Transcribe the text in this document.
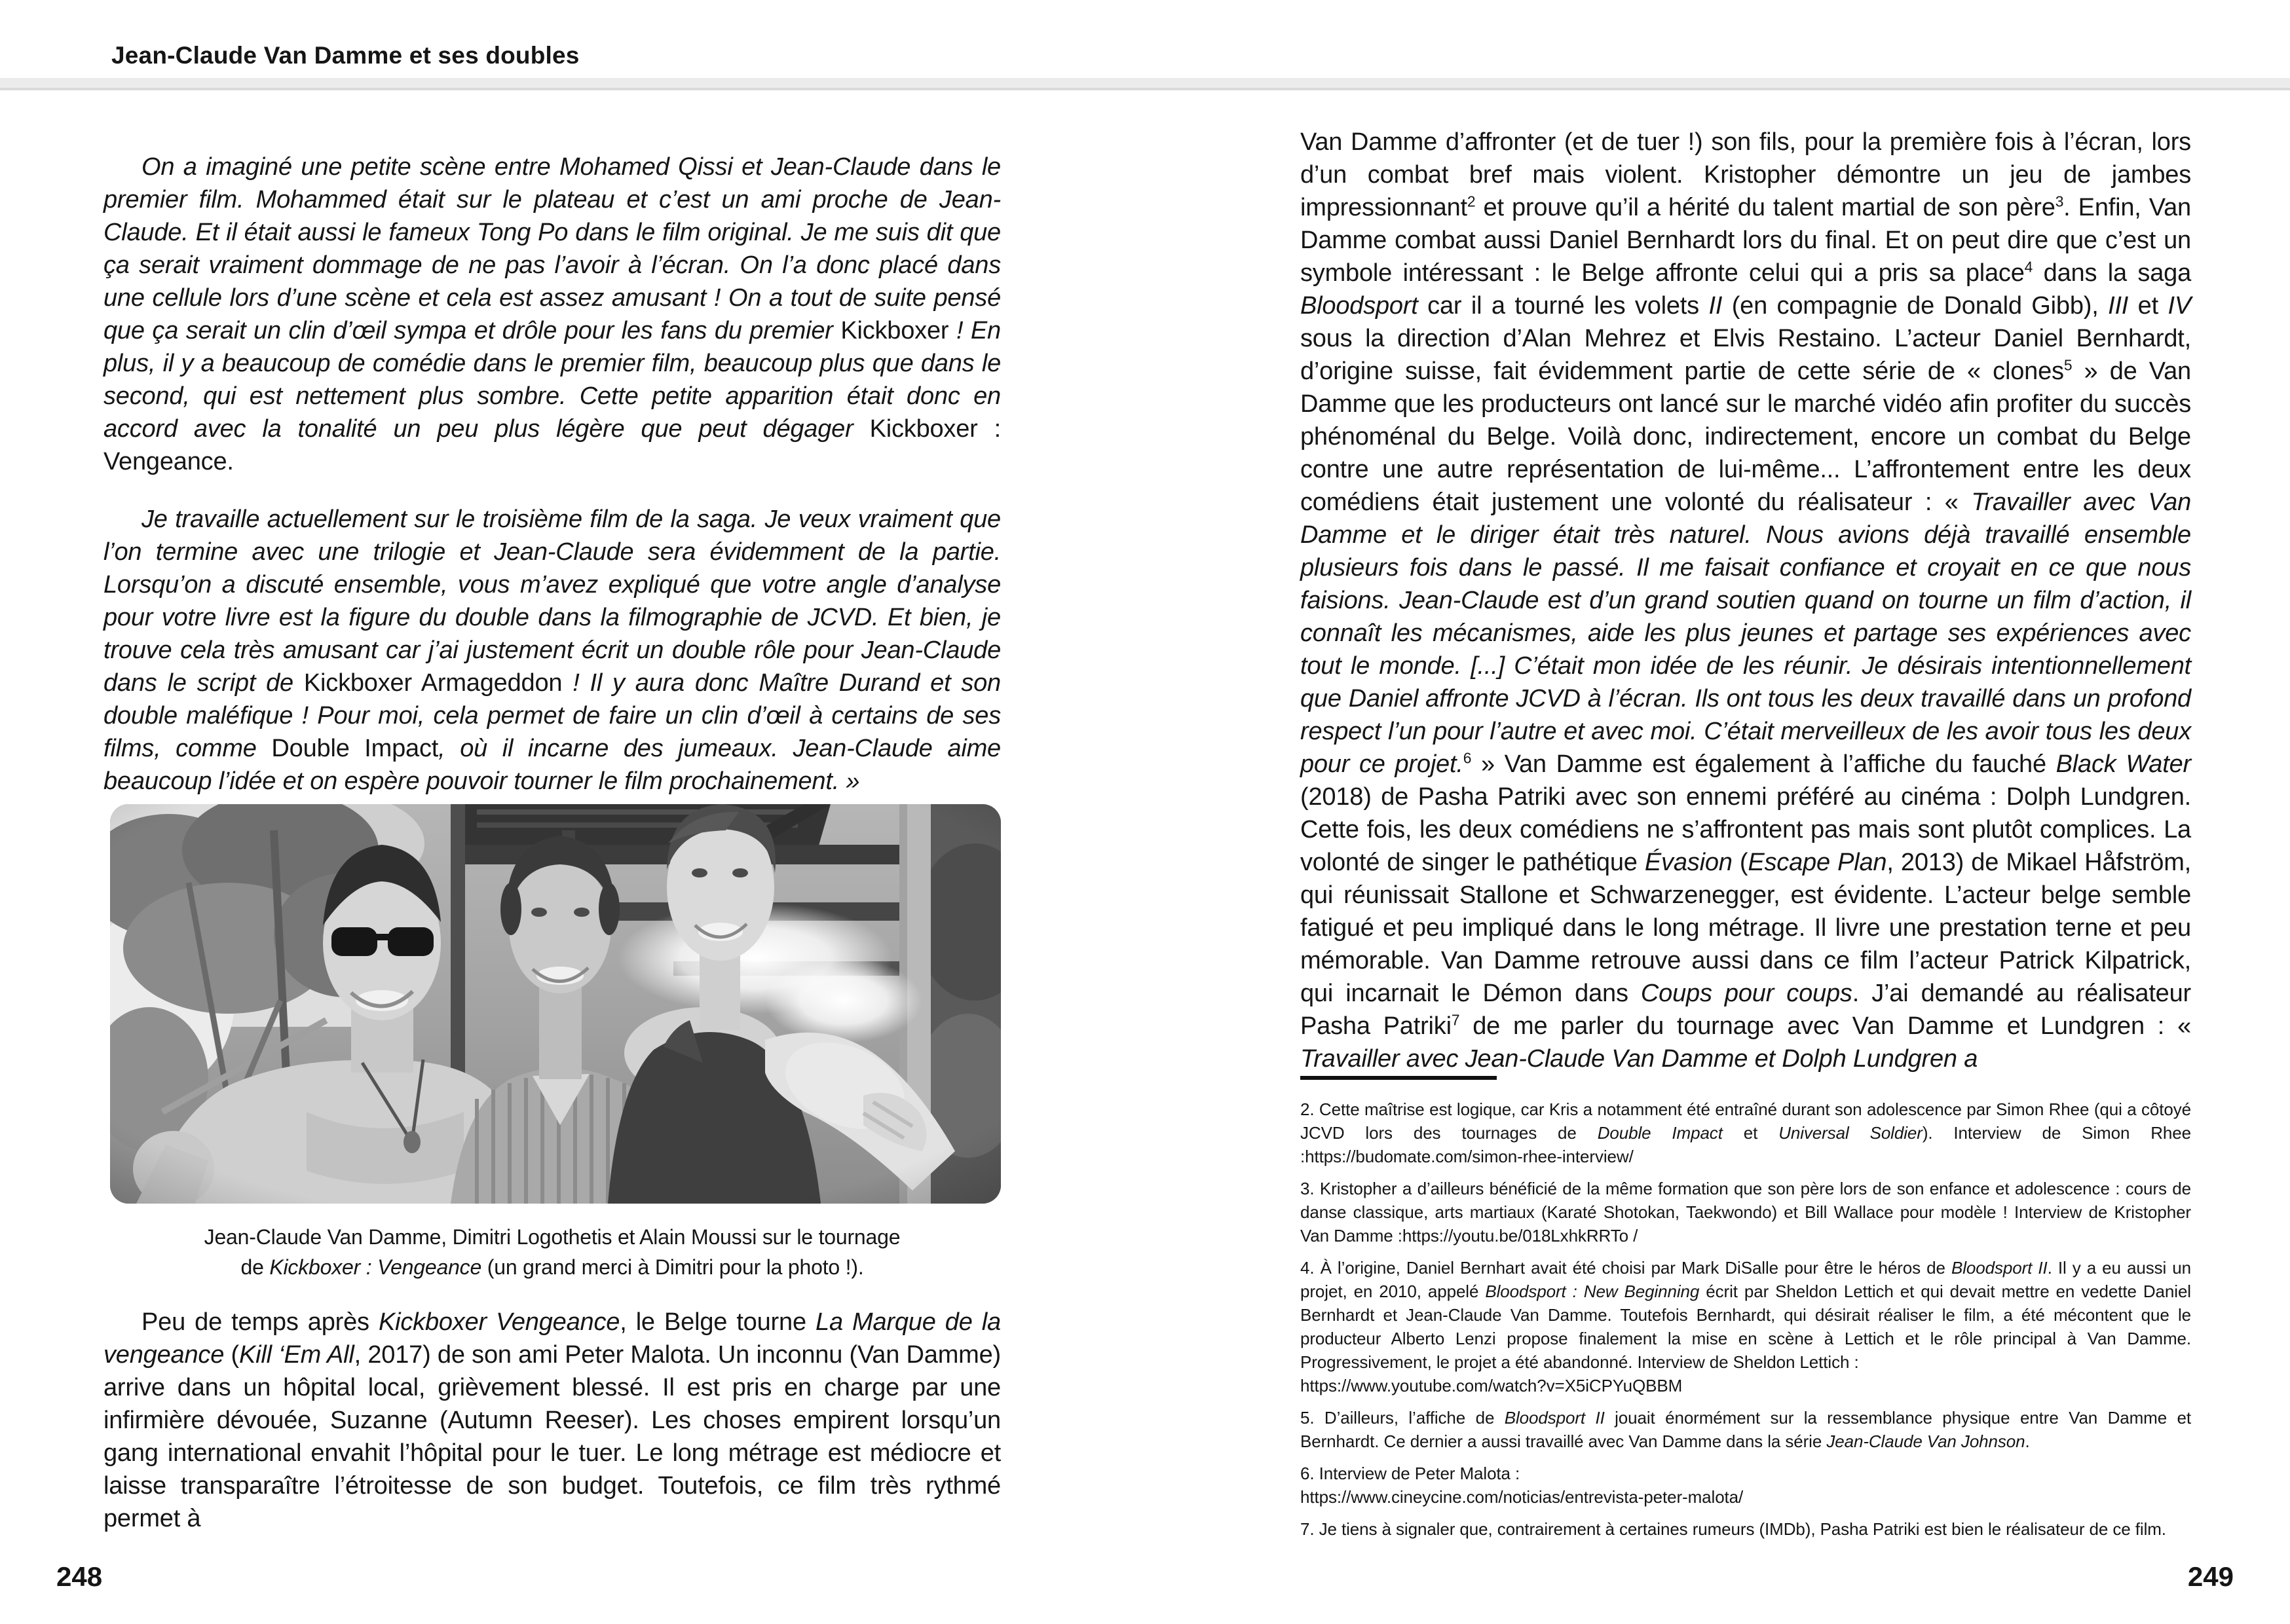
Jean-Claude Van Damme et ses doubles

On a imaginé une petite scène entre Mohamed Qissi et Jean-Claude dans le premier film. Mohammed était sur le plateau et c’est un ami proche de Jean-Claude. Et il était aussi le fameux Tong Po dans le film original. Je me suis dit que ça serait vraiment dommage de ne pas l’avoir à l’écran. On l’a donc placé dans une cellule lors d’une scène et cela est assez amusant ! On a tout de suite pensé que ça serait un clin d’œil sympa et drôle pour les fans du premier Kickboxer ! En plus, il y a beaucoup de comédie dans le premier film, beaucoup plus que dans le second, qui est nettement plus sombre. Cette petite apparition était donc en accord avec la tonalité un peu plus légère que peut dégager Kickboxer : Vengeance.

Je travaille actuellement sur le troisième film de la saga. Je veux vraiment que l’on termine avec une trilogie et Jean-Claude sera évidemment de la partie. Lorsqu’on a discuté ensemble, vous m’avez expliqué que votre angle d’analyse pour votre livre est la figure du double dans la filmographie de JCVD. Et bien, je trouve cela très amusant car j’ai justement écrit un double rôle pour Jean-Claude dans le script de Kickboxer Armageddon ! Il y aura donc Maître Durand et son double maléfique ! Pour moi, cela permet de faire un clin d’œil à certains de ses films, comme Double Impact, où il incarne des jumeaux. Jean-Claude aime beaucoup l’idée et on espère pouvoir tourner le film prochainement. »

Jean-Claude Van Damme, Dimitri Logothetis et Alain Moussi sur le tournage
de Kickboxer : Vengeance (un grand merci à Dimitri pour la photo !).

Peu de temps après Kickboxer Vengeance, le Belge tourne La Marque de la vengeance (Kill ‘Em All, 2017) de son ami Peter Malota. Un inconnu (Van Damme) arrive dans un hôpital local, grièvement blessé. Il est pris en charge par une infirmière dévouée, Suzanne (Autumn Reeser). Les choses empirent lorsqu’un gang international envahit l’hôpital pour le tuer. Le long métrage est médiocre et laisse transparaître l’étroitesse de son budget. Toutefois, ce film très rythmé permet à

248

Van Damme d’affronter (et de tuer !) son fils, pour la première fois à l’écran, lors d’un combat bref mais violent. Kristopher démontre un jeu de jambes impressionnant$^2$ et prouve qu’il a hérité du talent martial de son père$^3$. Enfin, Van Damme combat aussi Daniel Bernhardt lors du final. Et on peut dire que c’est un symbole intéressant : le Belge affronte celui qui a pris sa place$^4$ dans la saga Bloodsport car il a tourné les volets II (en compagnie de Donald Gibb), III et IV sous la direction d’Alan Mehrez et Elvis Restaino. L’acteur Daniel Bernhardt, d’origine suisse, fait évidemment partie de cette série de « clones$^5$ » de Van Damme que les producteurs ont lancé sur le marché vidéo afin profiter du succès phénoménal du Belge. Voilà donc, indirectement, encore un combat du Belge contre une autre représentation de lui-même... L’affrontement entre les deux comédiens était justement une volonté du réalisateur : « Travailler avec Van Damme et le diriger était très naturel. Nous avions déjà travaillé ensemble plusieurs fois dans le passé. Il me faisait confiance et croyait en ce que nous faisions. Jean-Claude est d’un grand soutien quand on tourne un film d’action, il connaît les mécanismes, aide les plus jeunes et partage ses expériences avec tout le monde. [...] C’était mon idée de les réunir. Je désirais intentionnellement que Daniel affronte JCVD à l’écran. Ils ont tous les deux travaillé dans un profond respect l’un pour l’autre et avec moi. C’était merveilleux de les avoir tous les deux pour ce projet.$^6$ » Van Damme est également à l’affiche du fauché Black Water (2018) de Pasha Patriki avec son ennemi préféré au cinéma : Dolph Lundgren. Cette fois, les deux comédiens ne s’affrontent pas mais sont plutôt complices. La volonté de singer le pathétique Évasion (Escape Plan, 2013) de Mikael Håfström, qui réunissait Stallone et Schwarzenegger, est évidente. L’acteur belge semble fatigué et peu impliqué dans le long métrage. Il livre une prestation terne et peu mémorable. Van Damme retrouve aussi dans ce film l’acteur Patrick Kilpatrick, qui incarnait le Démon dans Coups pour coups. J’ai demandé au réalisateur Pasha Patriki$^7$ de me parler du tournage avec Van Damme et Lundgren : « Travailler avec Jean-Claude Van Damme et Dolph Lundgren a

2. Cette maîtrise est logique, car Kris a notamment été entraîné durant son adolescence par Simon Rhee (qui a côtoyé JCVD lors des tournages de Double Impact et Universal Soldier). Interview de Simon Rhee :https://budomate.com/simon-rhee-interview/
3. Kristopher a d’ailleurs bénéficié de la même formation que son père lors de son enfance et adolescence : cours de danse classique, arts martiaux (Karaté Shotokan, Taekwondo) et Bill Wallace pour modèle ! Interview de Kristopher Van Damme :https://youtu.be/018LxhkRRTo /
4. À l’origine, Daniel Bernhart avait été choisi par Mark DiSalle pour être le héros de Bloodsport II. Il y a eu aussi un projet, en 2010, appelé Bloodsport : New Beginning écrit par Sheldon Lettich et qui devait mettre en vedette Daniel Bernhardt et Jean-Claude Van Damme. Toutefois Bernhardt, qui désirait réaliser le film, a été mécontent que le producteur Alberto Lenzi propose finalement la mise en scène à Lettich et le rôle principal à Van Damme. Progressivement, le projet a été abandonné. Interview de Sheldon Lettich :
https://www.youtube.com/watch?v=X5iCPYuQBBM
5. D’ailleurs, l’affiche de Bloodsport II jouait énormément sur la ressemblance physique entre Van Damme et Bernhardt. Ce dernier a aussi travaillé avec Van Damme dans la série Jean-Claude Van Johnson.
6. Interview de Peter Malota :
https://www.cineycine.com/noticias/entrevista-peter-malota/
7. Je tiens à signaler que, contrairement à certaines rumeurs (IMDb), Pasha Patriki est bien le réalisateur de ce film.
249
